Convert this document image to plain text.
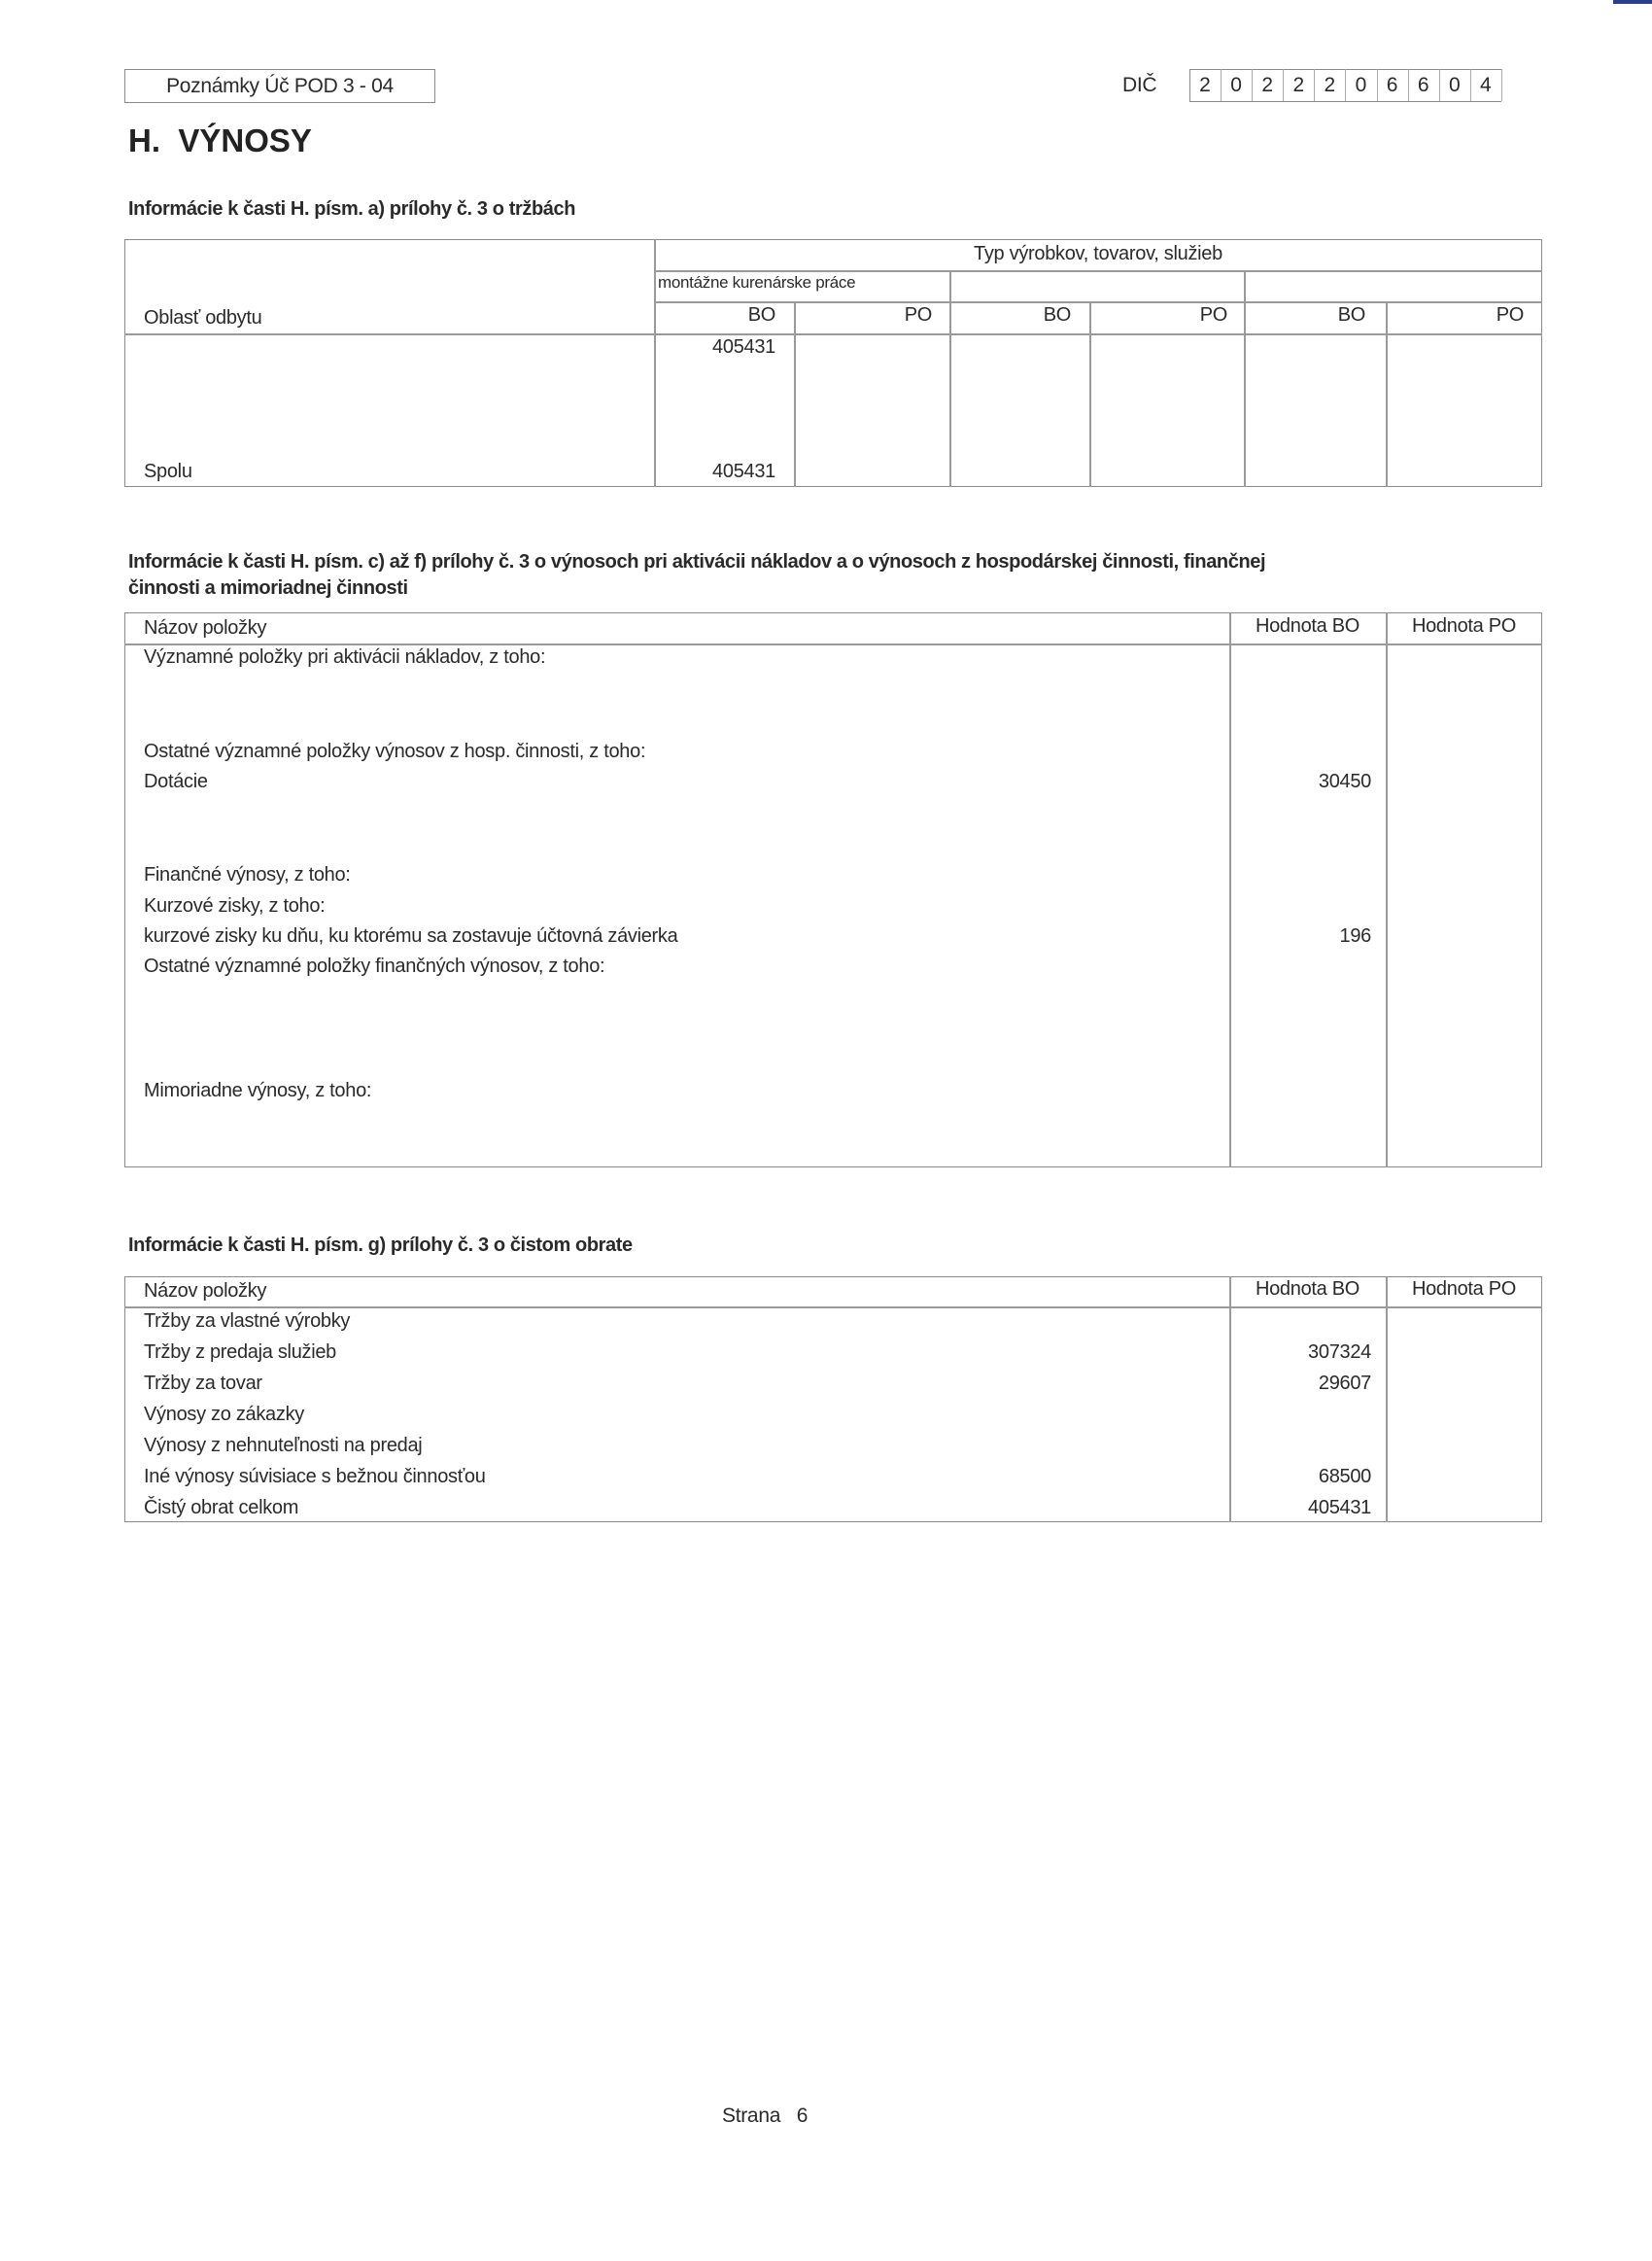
Poznámky Úč POD 3 - 04	DIČ	2 0 2 2 2 0 6 6 0 4
H.  VÝNOSY
Informácie k časti H. písm. a) prílohy č. 3 o tržbách
Typ výrobkov, tovarov, služieb
montážne kurenárske práce
Oblasť odbytu	BO	PO	BO	PO	BO	PO
405431
Spolu	405431
Informácie k časti H. písm. c) až f) prílohy č. 3 o výnosoch pri aktivácii nákladov a o výnosoch z hospodárskej činnosti, finančnej
činnosti a mimoriadnej činnosti
Názov položky	Hodnota BO	Hodnota PO
Významné položky pri aktivácii nákladov, z toho:
Ostatné významné položky výnosov z hosp. činnosti, z toho:
Dotácie	30450
Finančné výnosy, z toho:
Kurzové zisky, z toho:
kurzové zisky ku dňu, ku ktorému sa zostavuje účtovná závierka	196
Ostatné významné položky finančných výnosov, z toho:
Mimoriadne výnosy, z toho:
Informácie k časti H. písm. g) prílohy č. 3 o čistom obrate
Názov položky	Hodnota BO	Hodnota PO
Tržby za vlastné výrobky
Tržby z predaja služieb	307324
Tržby za tovar	29607
Výnosy zo zákazky
Výnosy z nehnuteľnosti na predaj
Iné výnosy súvisiace s bežnou činnosťou	68500
Čistý obrat celkom	405431
Strana 6
